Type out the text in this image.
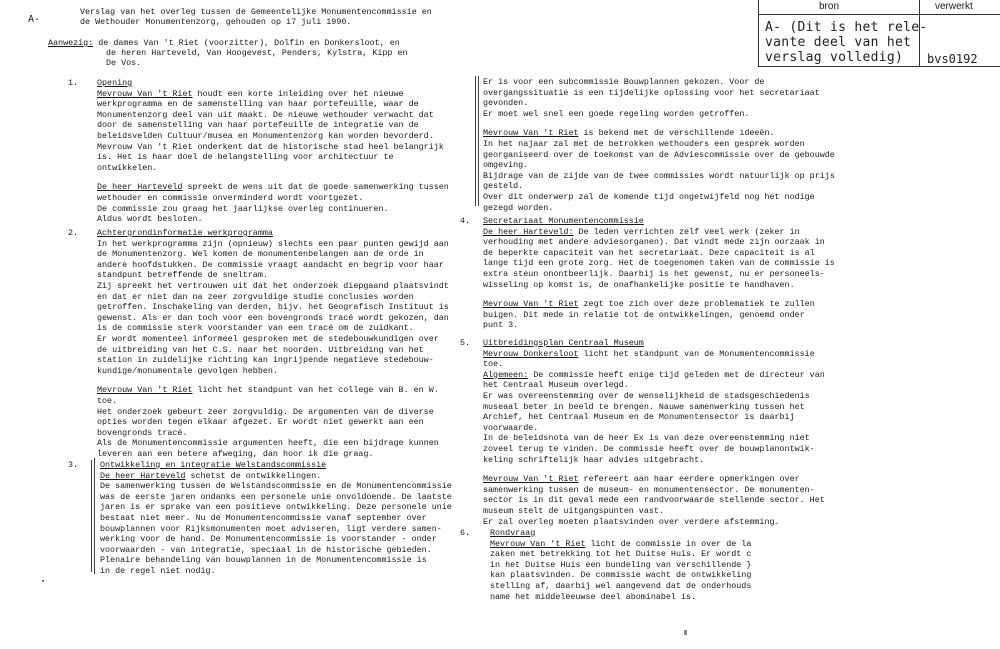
A-
Verslag van het overleg tussen de Gemeentelijke Monumentencommissie en
de Wethouder Monumentenzorg, gehouden op 17 juli 1990.
Aanwezig: de dames Van 't Riet (voorzitter), Dolfin en Donkersloot, en
de heren Harteveld, Van Hoogevest, Penders, Kylstra, Kipp en
De Vos.
bron	verwerkt
A- (Dit is het rele-
vante deel van het
verslag volledig) bvs0192
1. Opening
Mevrouw Van 't Riet houdt een korte inleiding over het nieuwe
werkprogramma en de samenstelling van haar portefeuille, waar de
Monumentenzorg deel van uit maakt. De nieuwe wethouder verwacht dat
door de samenstelling van haar portefeuille de integratie van de
beleidsvelden Cultuur/musea en Monumentenzorg kan worden bevorderd.
Mevrouw Van 't Riet onderkent dat de historische stad heel belangrijk
is. Het is haar doel de belangstelling voor architectuur te
ontwikkelen.
De heer Harteveld spreekt de wens uit dat de goede samenwerking tussen
wethouder en commissie onverminderd wordt voortgezet.
De commissie zou graag het jaarlijkse overleg continueren.
Aldus wordt besloten.
2. Achtergrondinformatie werkprogramma
In het werkprogramma zijn (opnieuw) slechts een paar punten gewijd aan
de Monumentenzorg. Wel komen de monumentenbelangen aan de orde in
andere hoofdstukken. De commissie vraagt aandacht en begrip voor haar
standpunt betreffende de sneltram.
Zij spreekt het vertrouwen uit dat het onderzoek diepgaand plaatsvindt
en dat er niet dan na zeer zorgvuldige studie conclusies worden
getroffen. Inschakeling van derden, bijv. het Geografisch Instituut is
gewenst. Als er dan toch voor een bovengronds tracé wordt gekozen, dan
is de commissie sterk voorstander van een tracé om de zuidkant.
Er wordt momenteel informeel gesproken met de stedebouwkundigen over
de uitbreiding van het C.S. naar het noorden. Uitbreiding van het
station in zuidelijke richting kan ingrijpende negatieve stedebouw-
kundige/monumentale gevolgen hebben.
Mevrouw Van 't Riet licht het standpunt van het college van B. en W.
toe.
Het onderzoek gebeurt zeer zorgvuldig. De argumenten van de diverse
opties worden tegen elkaar afgezet. Er wordt niet gewerkt aan een
bovengronds tracé.
Als de Monumentencommissie argumenten heeft, die een bijdrage kunnen
leveren aan een betere afweging, dan hoor ik die graag.
3.	Ontwikkeling en integratie Welstandscommissie
De heer Harteveld schetst de ontwikkelingen.
De samenwerking tussen de Welstandscommissie en de Monumentencommissie
was de eerste jaren ondanks een personele unie onvoldoende. De laatste
jaren is er sprake van een positieve ontwikkeling. Deze personele unie
bestaat niet meer. Nu de Monumentencommissie vanaf september over
bouwplannen voor Rijksmonumenten moet adviseren, ligt verdere samen-
werking voor de hand. De Monumentencommissie is voorstander - onder
voorwaarden - van integratie, speciaal in de historische gebieden.
Plenaire behandeling van bouwplannen in de Monumentencommissie is
in de regel niet nodig.
Er is voor een subcommissie Bouwplannen gekozen. Voor de
overgangssituatie is een tijdelijke oplossing voor het secretariaat
gevonden.
Er moet wel snel een goede regeling worden getroffen.
Mevrouw Van 't Riet is bekend met de verschillende ideeën.
In het najaar zal met de betrokken wethouders een gesprek worden
georganiseerd over de toekomst van de Adviescommissie over de gebouwde
omgeving.
Bijdrage van de zijde van de twee commissies wordt natuurlijk op prijs
gesteld.
Over dit onderwerp zal de komende tijd ongetwijfeld nog het nodige
gezegd worden.
4. Secretariaat Monumentencommissie
De heer Harteveld: De leden verrichten zelf veel werk (zeker in
verhouding met andere adviesorganen). Dat vindt mede zijn oorzaak in
de beperkte capaciteit van het secretariaat. Deze capaciteit is al
lange tijd een grote zorg. Het de toegenomen taken van de commissie is
extra steun onontbeerlijk. Daarbij is het gewenst, nu er personeels-
wisseling op komst is, de onafhankelijke positie te handhaven.
Mevrouw Van 't Riet zegt toe zich over deze problematiek te zullen
buigen. Dit mede in relatie tot de ontwikkelingen, genoemd onder
punt 3.
5. Uitbreidingsplan Centraal Museum
Mevrouw Donkersloot licht het standpunt van de Monumentencommissie
toe.
Algemeen: De commissie heeft enige tijd geleden met de directeur van
het Centraal Museum overlegd.
Er was overeenstemming over de wenselijkheid de stadsgeschiedenis
museaal beter in beeld te brengen. Nauwe samenwerking tussen het
Archief, het Centraal Museum en de Monumentensector is daarbij
voorwaarde.
In de beleidsnota van de heer Ex is van deze overeenstemming niet
zoveel terug te vinden. De commissie heeft over de bouwplanontwik-
keling schriftelijk haar advies uitgebracht.
Mevrouw Van 't Riet refereert aan haar eerdere opmerkingen over
samenwerking tussen de museum- en monumentensector. De monumenten-
sector is in dit geval mede een randvoorwaarde stellende sector. Het
museum stelt de uitgangspunten vast.
Er zal overleg moeten plaatsvinden over verdere afstemming.
6. Rondvraag
Mevrouw Van 't Riet licht de commissie in over de la
zaken met betrekking tot het Duitse Huis. Er wordt c
in het Duitse Huis een bundeling van verschillende }
kan plaatsvinden. De commissie wacht de ontwikkeling
stelling af, daarbij wel aangevend dat de onderhouds
name het middeleeuwse deel abominabel is.
